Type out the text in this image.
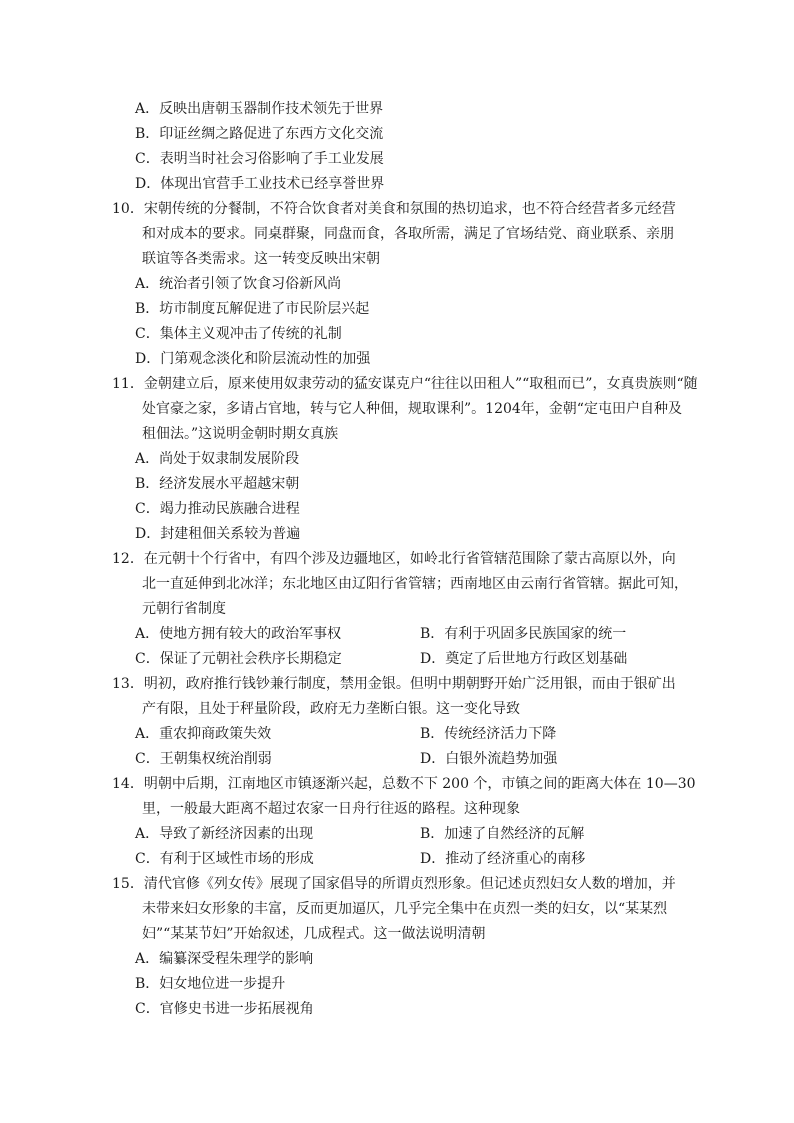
A．反映出唐朝玉器制作技术领先于世界
B．印证丝绸之路促进了东西方文化交流
C．表明当时社会习俗影响了手工业发展
D．体现出官营手工业技术已经享誉世界
10．宋朝传统的分餐制，不符合饮食者对美食和氛围的热切追求，也不符合经营者多元经营
和对成本的要求。同桌群聚，同盘而食，各取所需，满足了官场结党、商业联系、亲朋
联谊等各类需求。这一转变反映出宋朝
A．统治者引领了饮食习俗新风尚
B．坊市制度瓦解促进了市民阶层兴起
C．集体主义观冲击了传统的礼制
D．门第观念淡化和阶层流动性的加强
11．金朝建立后，原来使用奴隶劳动的猛安谋克户“往往以田租人”“取租而已”，女真贵族则“随
处官豪之家，多请占官地，转与它人种佃，规取课利”。1204年，金朝“定屯田户自种及
租佃法。”这说明金朝时期女真族
A．尚处于奴隶制发展阶段
B．经济发展水平超越宋朝
C．竭力推动民族融合进程
D．封建租佃关系较为普遍
12．在元朝十个行省中，有四个涉及边疆地区，如岭北行省管辖范围除了蒙古高原以外，向
北一直延伸到北冰洋；东北地区由辽阳行省管辖；西南地区由云南行省管辖。据此可知，
元朝行省制度
A．使地方拥有较大的政治军事权	B．有利于巩固多民族国家的统一
C．保证了元朝社会秩序长期稳定	D．奠定了后世地方行政区划基础
13．明初，政府推行钱钞兼行制度，禁用金银。但明中期朝野开始广泛用银，而由于银矿出
产有限，且处于秤量阶段，政府无力垄断白银。这一变化导致
A．重农抑商政策失效	B．传统经济活力下降
C．王朝集权统治削弱	D．白银外流趋势加强
14．明朝中后期，江南地区市镇逐渐兴起，总数不下 200 个，市镇之间的距离大体在 10—30
里，一般最大距离不超过农家一日舟行往返的路程。这种现象
A．导致了新经济因素的出现	B．加速了自然经济的瓦解
C．有利于区域性市场的形成	D．推动了经济重心的南移
15．清代官修《列女传》展现了国家倡导的所谓贞烈形象。但记述贞烈妇女人数的增加，并
未带来妇女形象的丰富，反而更加逼仄，几乎完全集中在贞烈一类的妇女，以“某某烈
妇”“某某节妇”开始叙述，几成程式。这一做法说明清朝
A．编纂深受程朱理学的影响
B．妇女地位进一步提升
C．官修史书进一步拓展视角
